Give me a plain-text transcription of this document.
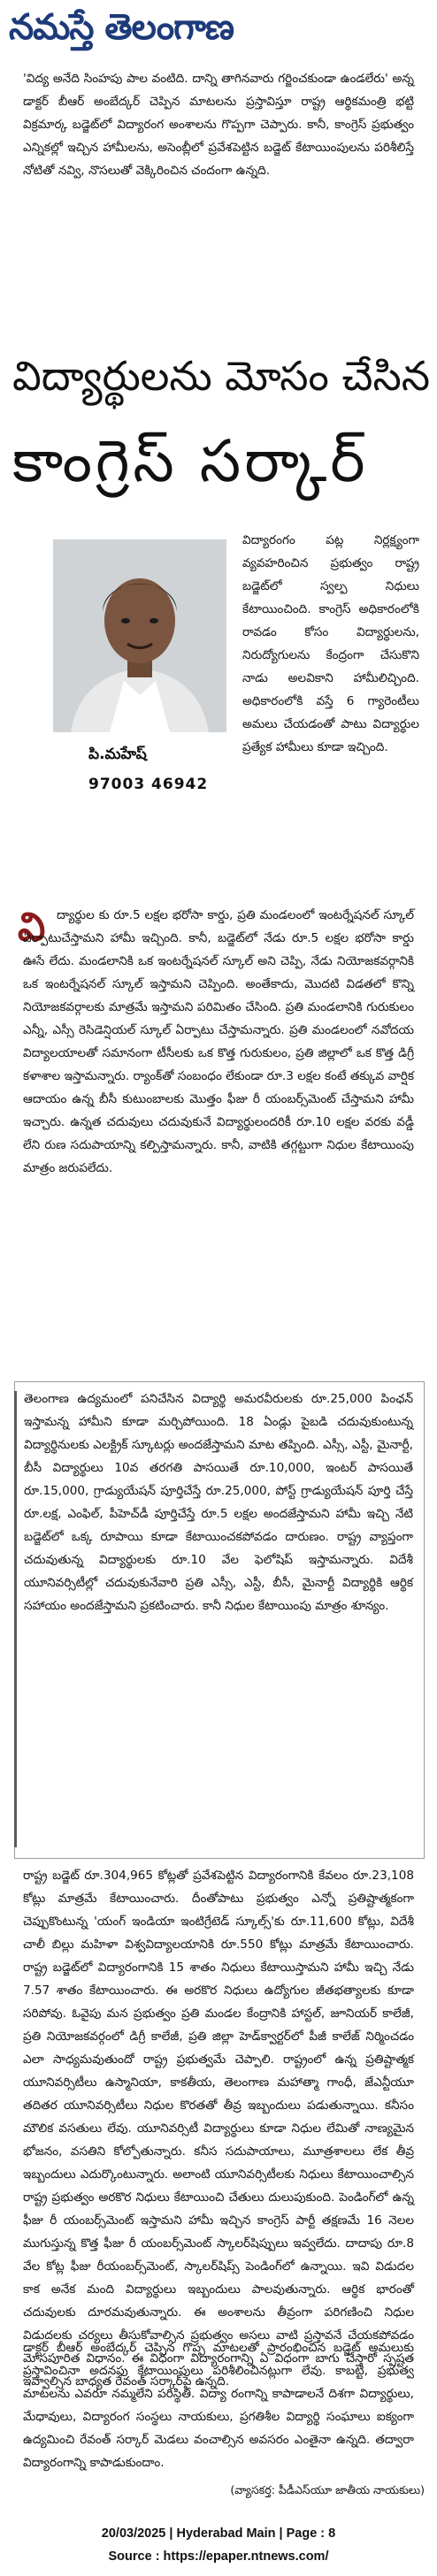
నమస్తే తెలంగాణ
'విద్య అనేది సింహపు పాల వంటిది. దాన్ని తాగినవారు గర్జించకుండా ఉండలేరు' అన్న డాక్టర్ బీఆర్ అంబేద్కర్ చెప్పిన మాటలను ప్రస్తావిస్తూ రాష్ట్ర ఆర్థికమంత్రి భట్టి విక్రమార్క బడ్జెట్‌లో విద్యారంగ అంశాలను గొప్పగా చెప్పారు. కానీ, కాంగ్రెస్ ప్రభుత్వం ఎన్నికల్లో ఇచ్చిన హామీలను, అసెంబ్లీలో ప్రవేశపెట్టిన బడ్జెట్ కేటాయింపులను పరిశీలిస్తే నోటితో నవ్వి, నొసలుతో వెక్కిరించిన చందంగా ఉన్నది.
విద్యార్థులను మోసం చేసిన
కాంగ్రెస్ సర్కార్
పి.మహేష్
97003 46942
విద్యారంగం పట్ల నిర్లక్ష్యంగా వ్యవహరించిన ప్రభుత్వం రాష్ట్ర బడ్జెట్‌లో స్వల్ప నిధులు కేటాయించింది. కాంగ్రెస్ అధికారంలోకి రావడం కోసం విద్యార్థులను, నిరుద్యోగులను కేంద్రంగా చేసుకొని నాడు అలవికాని హామీలిచ్చింది. అధికారంలోకి వస్తే 6 గ్యారెంటీలు అమలు చేయడంతో పాటు విద్యార్థుల ప్రత్యేక హామీలు కూడా ఇచ్చింది.
వి ద్యార్థుల కు రూ.5 లక్షల భరోసా కార్డు, ప్రతి మండలంలో ఇంటర్నేషనల్ స్కూల్ ఏర్పాటుచేస్తామని హామీ ఇచ్చింది. కానీ, బడ్జెట్‌లో నేడు రూ.5 లక్షల భరోసా కార్డు ఊసే లేదు. మండలానికి ఒక ఇంటర్నేషనల్ స్కూల్ అని చెప్పి, నేడు నియోజకవర్గానికి ఒక ఇంటర్నేషనల్ స్కూల్ ఇస్తామని చెప్పింది. అంతేకాదు, మొదటి విడతలో కొన్ని నియోజకవర్గాలకు మాత్రమే ఇస్తామని పరిమితం చేసింది. ప్రతి మండలానికి గురుకులం ఎన్నీ, ఎస్సీ రెసిడెన్షియల్ స్కూల్ ఏర్పాటు చేస్తామన్నారు. ప్రతి మండలంలో నవోదయ విద్యాలయాలతో సమానంగా టీసీలకు ఒక కొత్త గురుకులం, ప్రతి జిల్లాలో ఒక కొత్త డిగ్రీ కళాశాల ఇస్తామన్నారు. ర్యాంక్‌తో సంబంధం లేకుండా రూ.3 లక్షల కంటే తక్కువ వార్షిక ఆదాయం ఉన్న బీసీ కుటుంబాలకు మొత్తం ఫీజు రీ యంబర్స్‌మెంట్ చేస్తామని హామీ ఇచ్చారు. ఉన్నత చదువులు చదువుకునే విద్యార్థులందరికీ రూ.10 లక్షల వరకు వడ్డీ లేని రుణ సదుపాయాన్ని కల్పిస్తామన్నారు. కానీ, వాటికి తగ్గట్టుగా నిధుల కేటాయింపు మాత్రం జరుపలేదు.
తెలంగాణ ఉద్యమంలో పనిచేసిన విద్యార్థి అమరవీరులకు రూ.25,000 పింఛన్ ఇస్తామన్న హామీని కూడా మర్చిపోయింది. 18 ఏండ్లు పైబడి చదువుకుంటున్న విద్యార్థినులకు ఎలక్ట్రిక్ స్కూటర్లు అందజేస్తామని మాట తప్పింది. ఎస్సీ, ఎస్టీ, మైనార్టీ, బీసీ విద్యార్థులు 10వ తరగతి పాసయితే రూ.10,000, ఇంటర్ పాసయితే రూ.15,000, గ్రాడ్యుయేషన్ పూర్తిచేస్తే రూ.25,000, పోస్ట్ గ్రాడ్యుయేషన్ పూర్తి చేస్తే రూ.లక్ష, ఎంఫిల్, పీహెచ్‌డీ పూర్తిచేస్తే రూ.5 లక్షల అందజేస్తామని హామీ ఇచ్చి నేటి బడ్జెట్‌లో ఒక్క రూపాయి కూడా కేటాయించకపోవడం దారుణం. రాష్ట్ర వ్యాప్తంగా చదువుతున్న విద్యార్థులకు రూ.10 వేల ఫెలోషిప్ ఇస్తామన్నారు. విదేశీ యూనివర్సిటీల్లో చదువుకునేవారి ప్రతి ఎస్సీ, ఎస్టీ, బీసీ, మైనార్టీ విద్యార్థికి ఆర్థిక సహాయం అందజేస్తామని ప్రకటించారు. కానీ నిధుల కేటాయింపు మాత్రం శూన్యం.
రాష్ట్ర బడ్జెట్ రూ.304,965 కోట్లతో ప్రవేశపెట్టిన విద్యారంగానికి కేవలం రూ.23,108 కోట్లు మాత్రమే కేటాయించారు. దీంతోపాటు ప్రభుత్వం ఎన్నో ప్రతిష్టాత్మకంగా చెప్పుకొంటున్న 'యంగ్ ఇండియా ఇంటిగ్రేటెడ్ స్కూల్స్'కు రూ.11,600 కోట్లు, విదేశీ చాలీ బిల్లు మహిళా విశ్వవిద్యాలయానికి రూ.550 కోట్లు మాత్రమే కేటాయించారు. రాష్ట్ర బడ్జెట్‌లో విద్యారంగానికి 15 శాతం నిధులు కేటాయిస్తామని హామీ ఇచ్చి నేడు 7.57 శాతం కేటాయించారు. ఈ అరకొర నిధులు ఉద్యోగుల జీతభత్యాలకు కూడా సరిపోవు. ఓవైపు మన ప్రభుత్వం ప్రతి మండల కేంద్రానికి హాస్టల్, జూనియర్ కాలేజీ, ప్రతి నియోజకవర్గంలో డిగ్రీ కాలేజీ, ప్రతి జిల్లా హెడ్‌క్వార్టర్‌లో పీజీ కాలేజ్ నిర్మించడం ఎలా సాధ్యమవుతుందో రాష్ట్ర ప్రభుత్వమే చెప్పాలి. రాష్ట్రంలో ఉన్న ప్రతిష్టాత్మక యూనివర్సిటీలు ఉస్మానియా, కాకతీయ, తెలంగాణ మహాత్మా గాంధీ, జేఎన్టీయూ తదితర యూనివర్సిటీలు నిధుల కొరతతో తీవ్ర ఇబ్బందులు పడుతున్నాయి. కనీసం మౌలిక వసతులు లేవు. యూనివర్సిటీ విద్యార్థులు కూడా నిధుల లేమితో నాణ్యమైన భోజనం, వసతిని కోల్పోతున్నారు. కనీస సదుపాయాలు, మూత్రశాలలు లేక తీవ్ర ఇబ్బందులు ఎదుర్కొంటున్నారు. అలాంటి యూనివర్సిటీలకు నిధులు కేటాయించాల్సిన రాష్ట్ర ప్రభుత్వం అరకొర నిధులు కేటాయించి చేతులు దులుపుకుంది. పెండింగ్‌లో ఉన్న ఫీజు రీ యంబర్స్‌మెంట్ ఇస్తామని హామీ ఇచ్చిన కాంగ్రెస్ పార్టీ తక్షణమే 16 నెలల ముగుస్తున్న కొత్త ఫీజు రీ యంబర్స్‌మెంట్ స్కాలర్‌షిప్పులు ఇవ్వలేదు. దాదాపు రూ.8 వేల కోట్ల ఫీజు రీయంబర్స్‌మెంట్, స్కాలర్‌షిప్స్ పెండింగ్‌లో ఉన్నాయి. ఇవి విడుదల కాక అనేక మంది విద్యార్థులు ఇబ్బందులు పాలవుతున్నారు. ఆర్థిక భారంతో చదువులకు దూరమవుతున్నారు. ఈ అంశాలను తీవ్రంగా పరిగణించి నిధుల విడుదలకు చర్యలు తీసుకోవాల్సిన ప్రభుత్వం అసలు వాటి ప్రస్తావనే చేయకపోవడం మోసపూరిత విధానం. ఈ విధంగా విద్యారంగాన్ని ఏ విధంగా బాగు చేస్తారో స్పష్టత ఇవ్వాల్సిన బాధ్యత రేవంత్ సర్కార్‌పై ఉన్నది.
డాక్టర్ బీఆర్ అంబేద్కర్ చెప్పిన గొప్ప మాటలతో ప్రారంభించిన బడ్జెట్ అమలుకు ప్రస్తావించినా అదనపు కేటాయింపులు పరిశీలించినట్లుగా లేవు. కాబట్టి, ప్రభుత్వ మాటలను ఎవరూ నమ్మలేని పరిస్థితి. విద్యా రంగాన్ని కాపాడాలనే దిశగా విద్యార్థులు, మేధావులు, విద్యారంగ సంస్థలు నాయకులు, ప్రగతిశీల విద్యార్థి సంఘాలు ఐక్యంగా ఉద్యమించి రేవంత్ సర్కార్ మెడలు వంచాల్సిన అవసరం ఎంతైనా ఉన్నది. తద్వారా విద్యారంగాన్ని కాపాడుకుందాం.
(వ్యాసకర్త: పీడీఎస్‌యూ జాతీయ నాయకులు)
20/03/2025 | Hyderabad Main | Page : 8
Source : https://epaper.ntnews.com/
